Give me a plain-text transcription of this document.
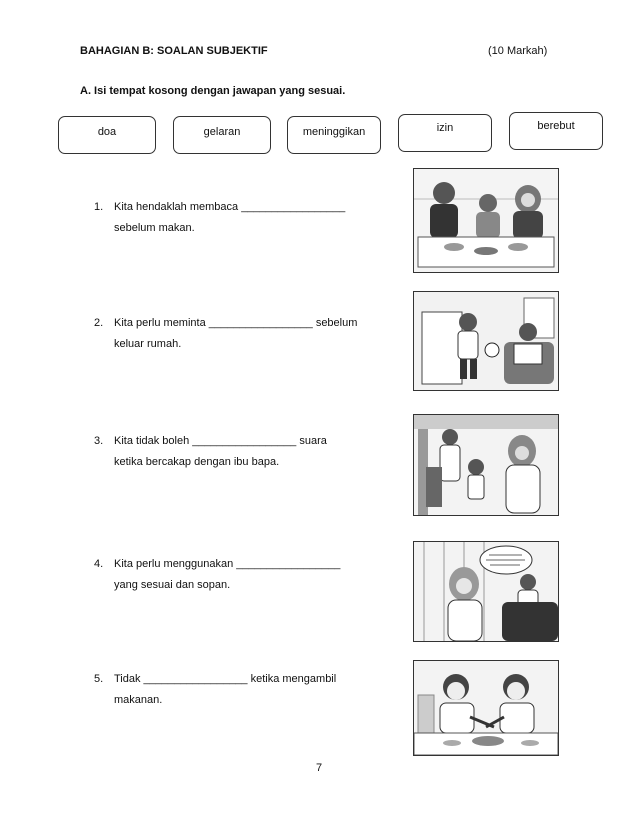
BAHAGIAN B: SOALAN SUBJEKTIF	(10 Markah)
A. Isi tempat kosong dengan jawapan yang sesuai.
doa	gelaran	meninggikan	izin	berebut
1. Kita hendaklah membaca _________________
sebelum makan.
2. Kita perlu meminta _________________ sebelum
keluar rumah.
3. Kita tidak boleh _________________ suara
ketika bercakap dengan ibu bapa.
4. Kita perlu menggunakan _________________
yang sesuai dan sopan.
5. Tidak _________________ ketika mengambil
makanan.
7
